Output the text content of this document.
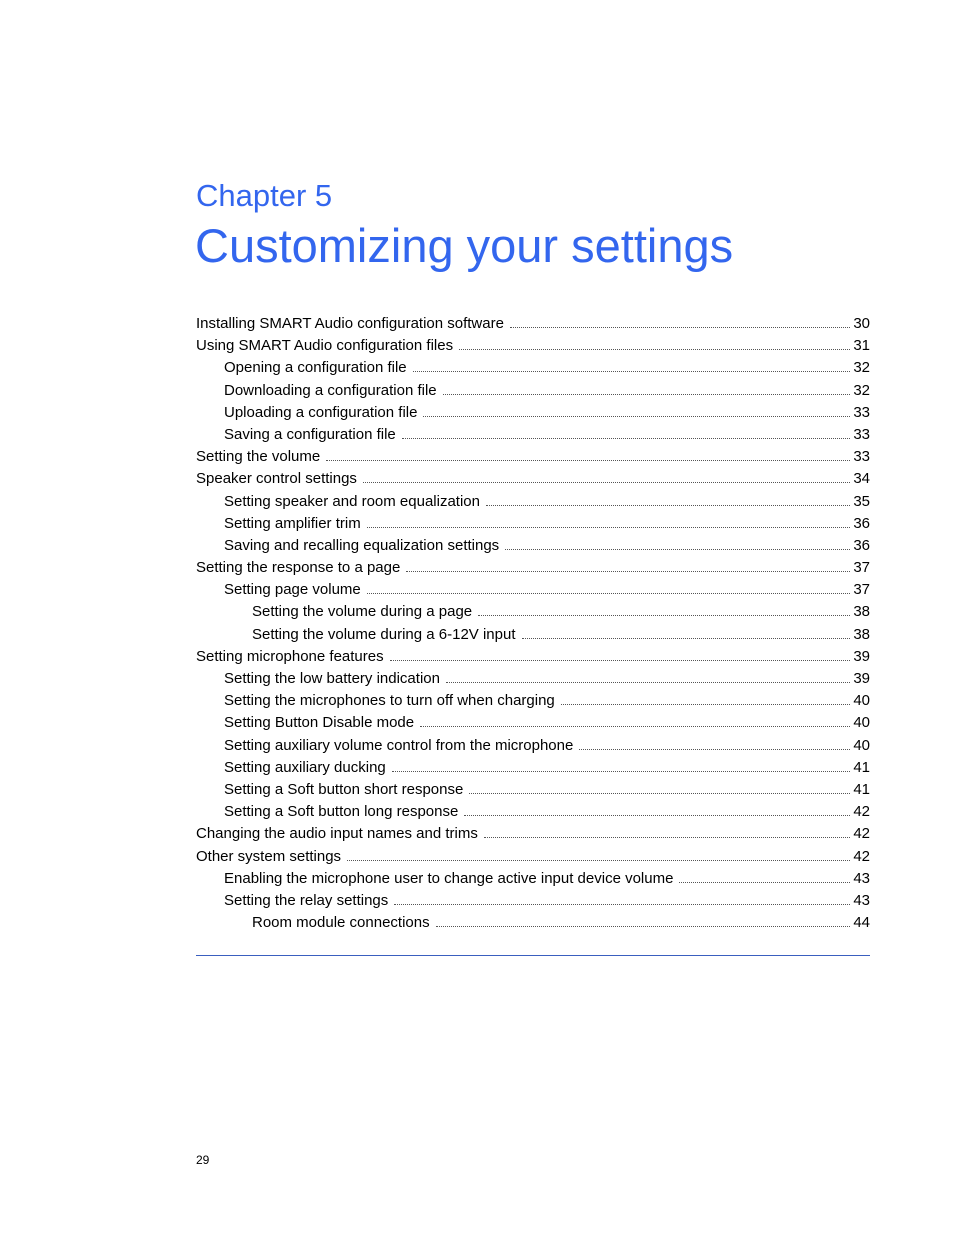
Chapter 5
Customizing your settings
Installing SMART Audio configuration software	30
Using SMART Audio configuration files	31
Opening a configuration file	32
Downloading a configuration file	32
Uploading a configuration file	33
Saving a configuration file	33
Setting the volume	33
Speaker control settings	34
Setting speaker and room equalization	35
Setting amplifier trim	36
Saving and recalling equalization settings	36
Setting the response to a page	37
Setting page volume	37
Setting the volume during a page	38
Setting the volume during a 6-12V input	38
Setting microphone features	39
Setting the low battery indication	39
Setting the microphones to turn off when charging	40
Setting Button Disable mode	40
Setting auxiliary volume control from the microphone	40
Setting auxiliary ducking	41
Setting a Soft button short response	41
Setting a Soft button long response	42
Changing the audio input names and trims	42
Other system settings	42
Enabling the microphone user to change active input device volume	43
Setting the relay settings	43
Room module connections	44
29
